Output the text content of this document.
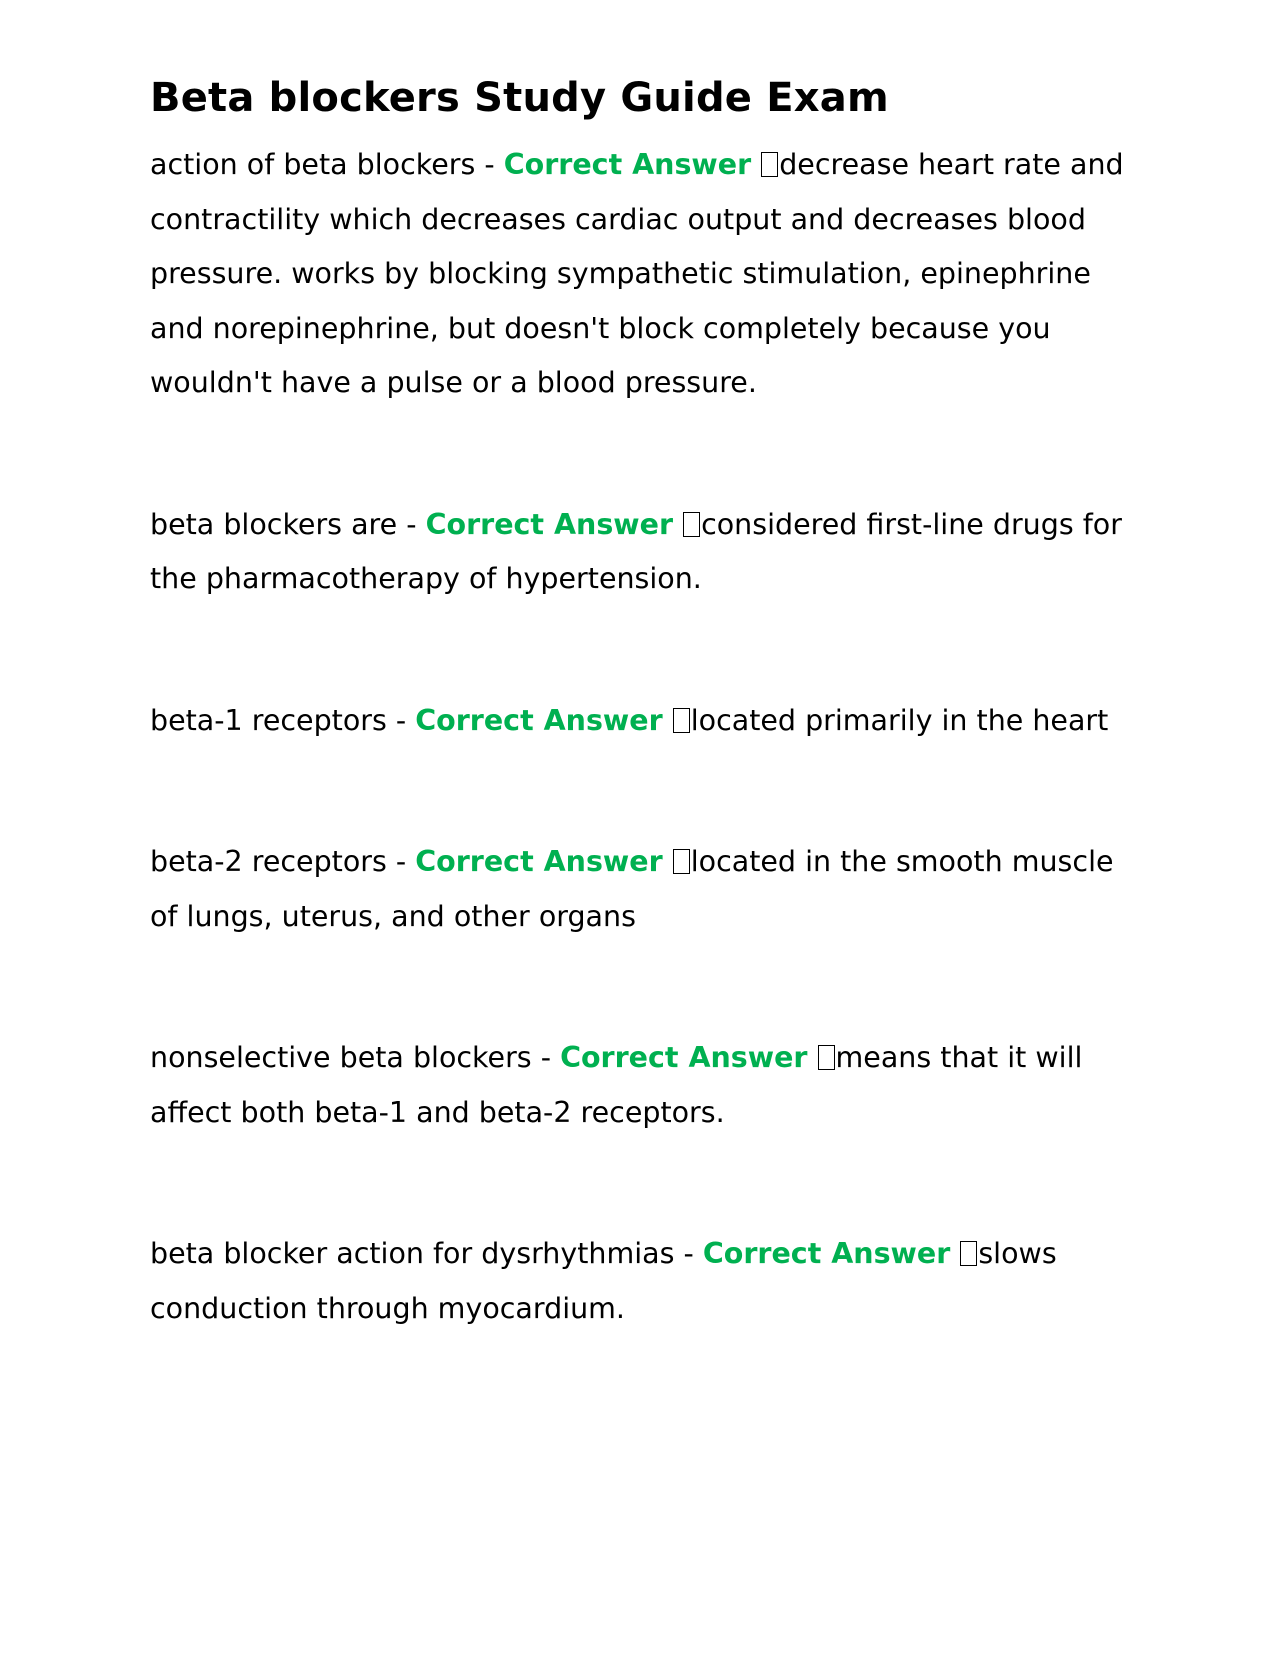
Beta blockers Study Guide Exam

action of beta blockers - Correct Answer decrease heart rate and contractility which decreases cardiac output and decreases blood pressure. works by blocking sympathetic stimulation, epinephrine and norepinephrine, but doesn't block completely because you wouldn't have a pulse or a blood pressure.

beta blockers are - Correct Answer considered first-line drugs for the pharmacotherapy of hypertension.

beta-1 receptors - Correct Answer located primarily in the heart

beta-2 receptors - Correct Answer located in the smooth muscle of lungs, uterus, and other organs

nonselective beta blockers - Correct Answer means that it will affect both beta-1 and beta-2 receptors.

beta blocker action for dysrhythmias - Correct Answer slows conduction through myocardium.
